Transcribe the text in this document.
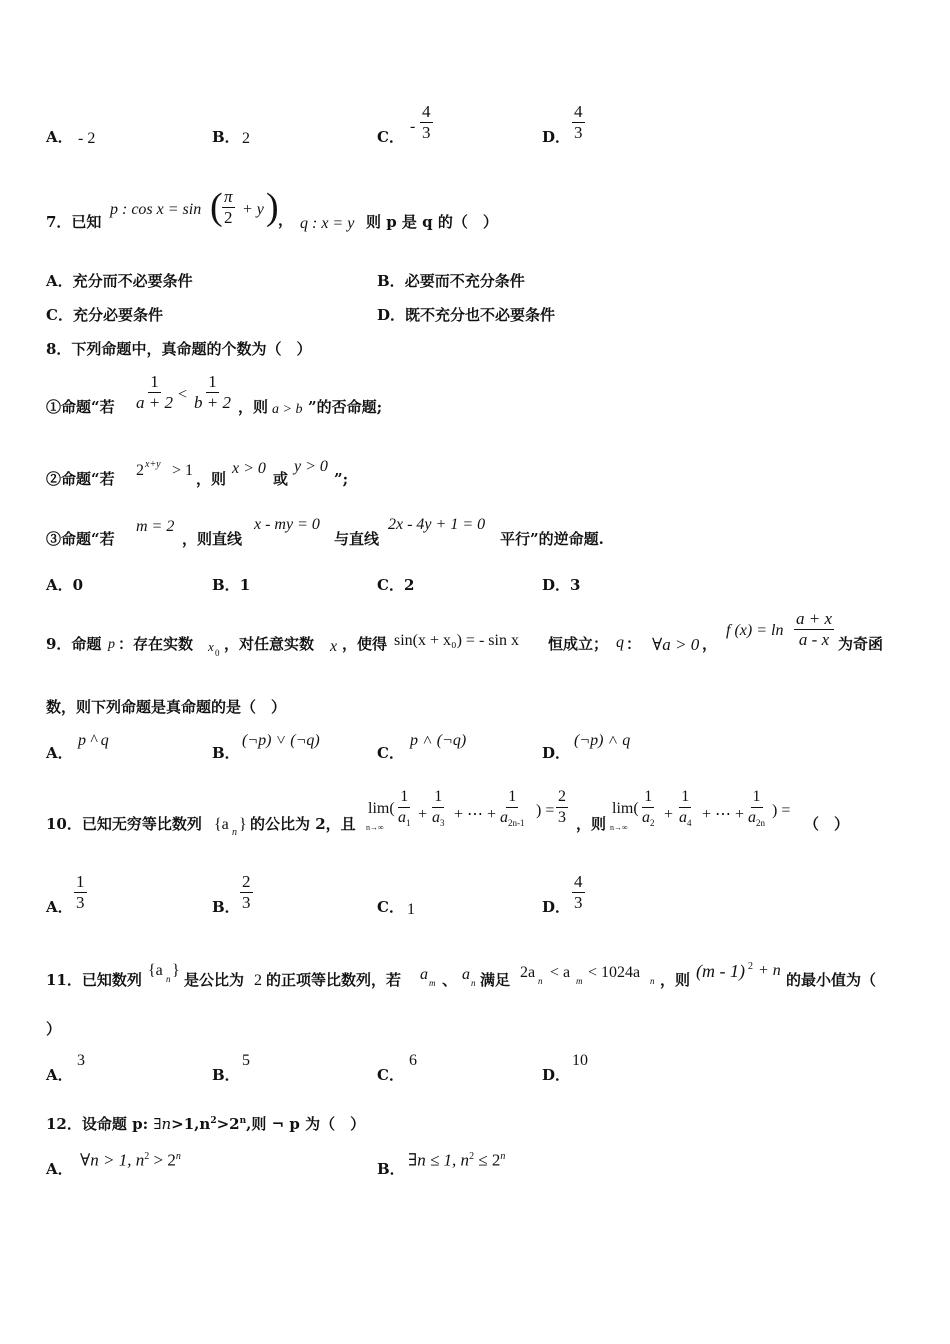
A． - 2	B． 2	C．
- $\frac{4}{3}$	D． $\frac{4}{3}$
7．已知
p : cos x = sin ( $\frac{\pi}{2} + y$ ) ， q : x = y 则 p 是 q 的（　）
A．充分而不必要条件	B．必要而不充分条件
C．充分必要条件	D．既不充分也不必要条件
8．下列命题中，真命题的个数为（　）
①命题“若 $\frac{1}{a + 2} < \frac{1}{b + 2}$ ，则 a > b ”的否命题;
②命题“若 2 x+y > 1 ，则
x > 0
或
y > 0
”;
③命题“若
m = 2
，则直线
x - my = 0
与直线
2x - 4y + 1 = 0
平行”的逆命题.
A．0	B．1	C．2	D．3
9．命题 p ：存在实数 x 0 ，对任意实数 x ，使得 sin(x + x₀) = - sin x 恒成立； q ： ∀a > 0 ，
f $(x) = \ln \frac{a + x}{a - x}$ 为奇函
数，则下列命题是真命题的是（　）
A．
p ^ q
B．
(¬p) ˅ (¬q)
C．
p ˄ (¬q)
D．
(¬p) ˄ q
10．已知无穷等比数列 {a n } 的公比为 2，且
lim(
$n\to\infty \frac{1}{a_1} + \frac{1}{a_3}$ + ⋯ + $\frac{1}{a_{2n-1}}$ ) = $\frac{2}{3}$ ，则
lim(
$n\to\infty \frac{1}{a_2} + \frac{1}{a_4}$ + ⋯ + $\frac{1}{a_{2n}}$ ) =
（　）
A． $\frac{1}{3}$	B． $\frac{2}{3}$	C． 1	D． $\frac{4}{3}$
11．已知数列
{a n }
是公比为 2 的正项等比数列，若 a m 、 a n 满足 2a n < a m < 1024a n ，则 (m - 1) 2 + n
的最小值为（
）
A．
3
B．
5
C．
6
D．
10
12．设命题 p: $\exists n>1,n^2>2^n$,则 ¬ p 为（　）
A． ∀n > 1, $n^2 > 2^n$
B． ∃n ≤ 1, $n^2 \le 2^n$
